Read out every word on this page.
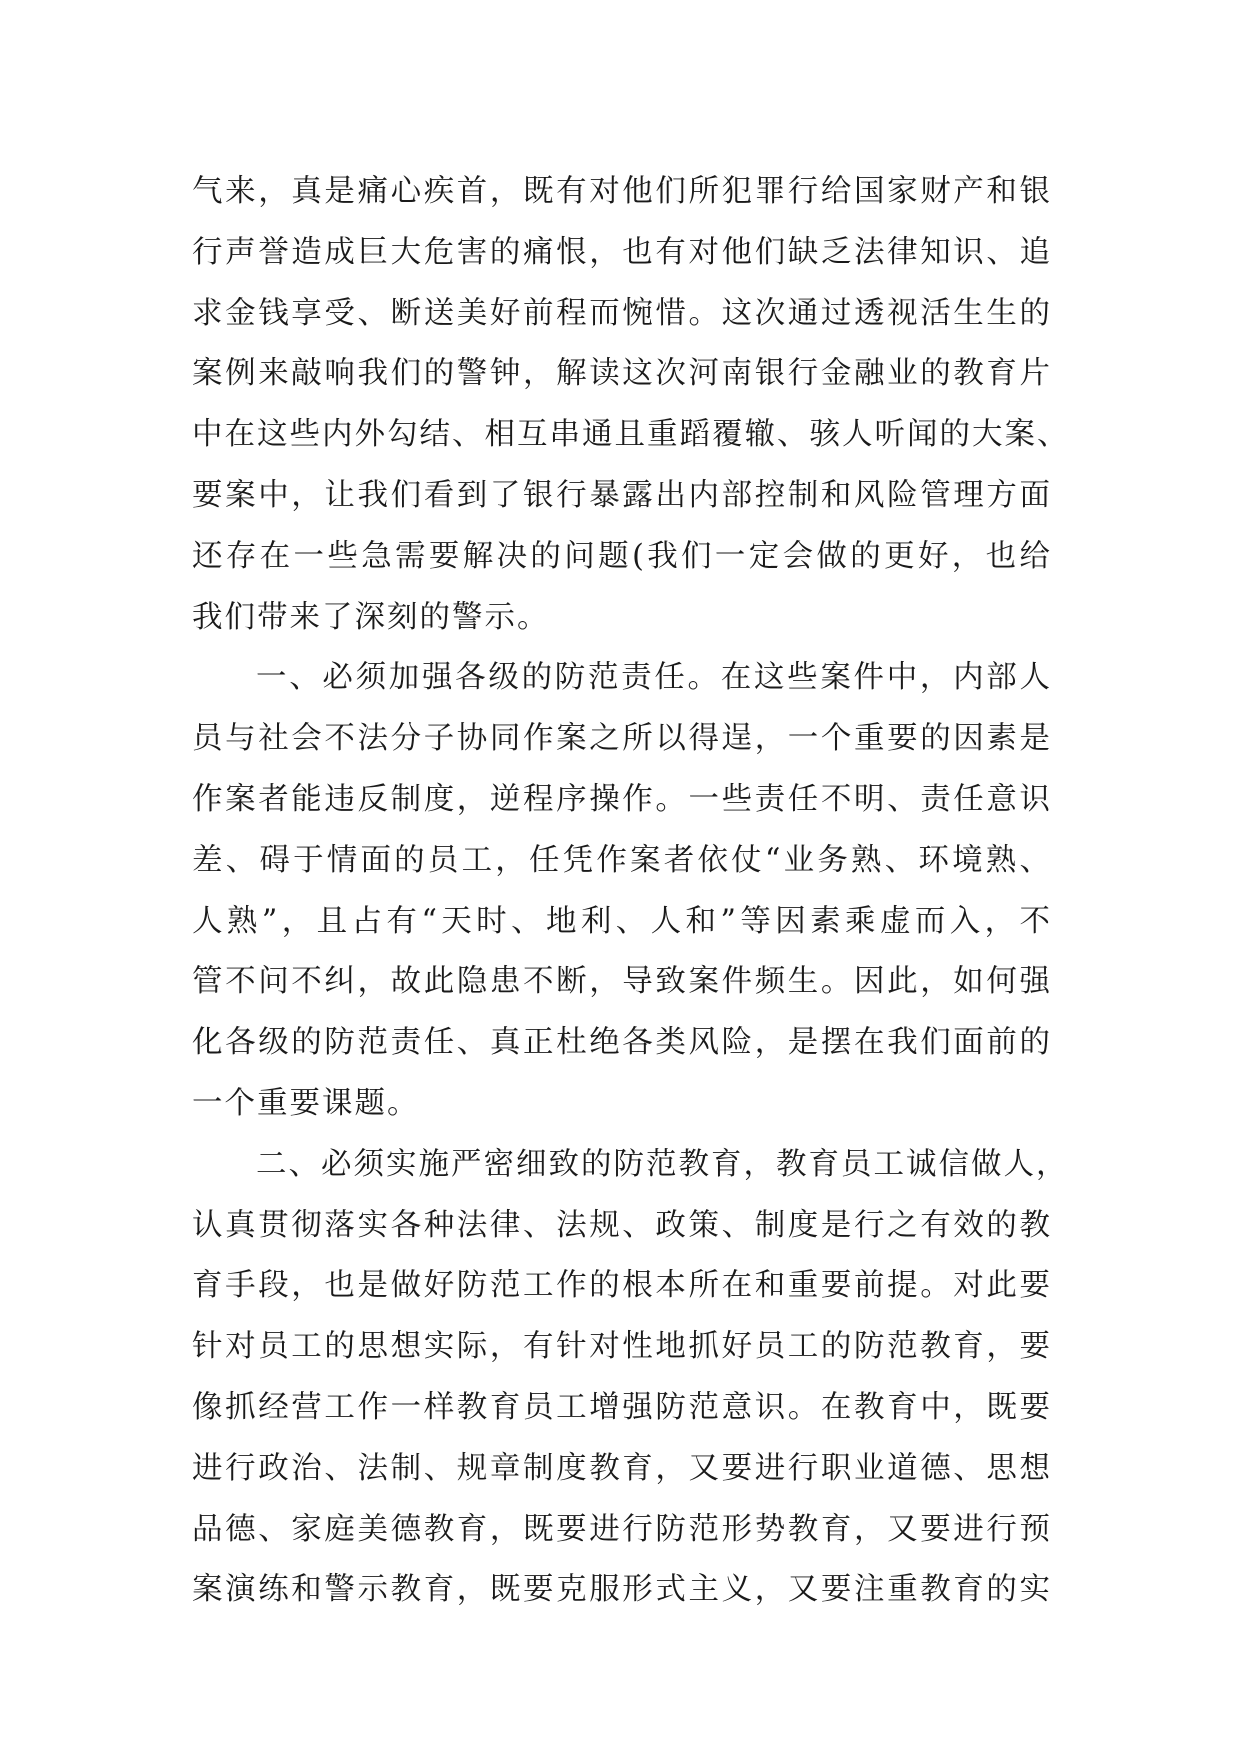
气来，真是痛心疾首，既有对他们所犯罪行给国家财产和银
行声誉造成巨大危害的痛恨，也有对他们缺乏法律知识、追
求金钱享受、断送美好前程而惋惜。这次通过透视活生生的
案例来敲响我们的警钟，解读这次河南银行金融业的教育片
中在这些内外勾结、相互串通且重蹈覆辙、骇人听闻的大案、
要案中，让我们看到了银行暴露出内部控制和风险管理方面
还存在一些急需要解决的问题(我们一定会做的更好，也给
我们带来了深刻的警示。
一、必须加强各级的防范责任。在这些案件中，内部人
员与社会不法分子协同作案之所以得逞，一个重要的因素是
作案者能违反制度，逆程序操作。一些责任不明、责任意识
差、碍于情面的员工，任凭作案者依仗“业务熟、环境熟、
人熟”，且占有“天时、地利、人和”等因素乘虚而入，不
管不问不纠，故此隐患不断，导致案件频生。因此，如何强
化各级的防范责任、真正杜绝各类风险，是摆在我们面前的
一个重要课题。
二、必须实施严密细致的防范教育，教育员工诚信做人，
认真贯彻落实各种法律、法规、政策、制度是行之有效的教
育手段，也是做好防范工作的根本所在和重要前提。对此要
针对员工的思想实际，有针对性地抓好员工的防范教育，要
像抓经营工作一样教育员工增强防范意识。在教育中，既要
进行政治、法制、规章制度教育，又要进行职业道德、思想
品德、家庭美德教育，既要进行防范形势教育，又要进行预
案演练和警示教育，既要克服形式主义，又要注重教育的实
